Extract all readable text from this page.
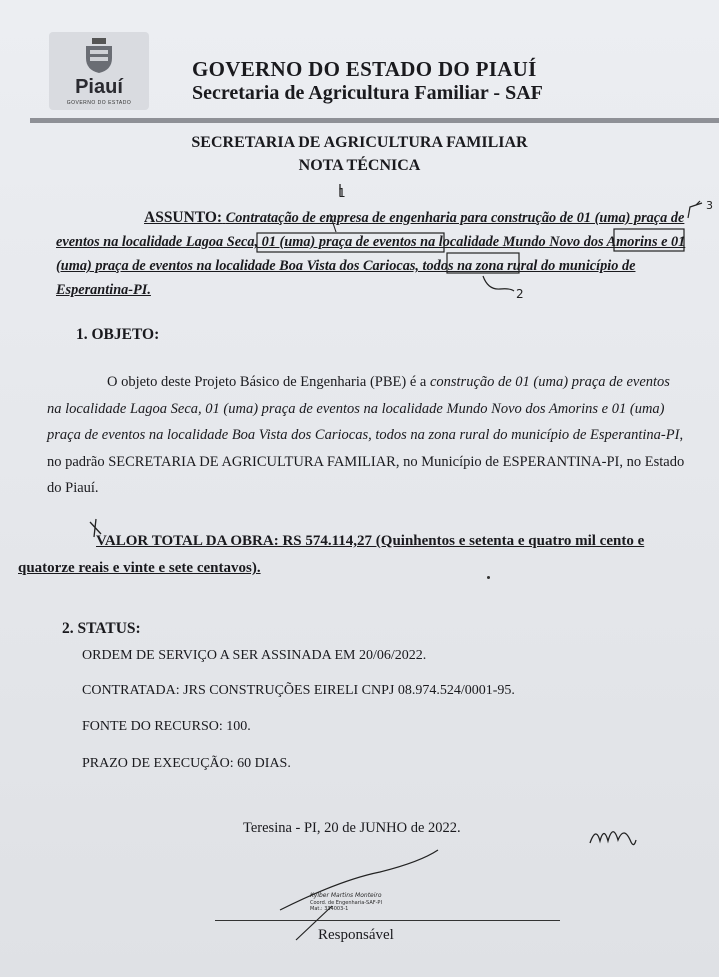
Piauí
GOVERNO DO ESTADO
GOVERNO DO ESTADO DO PIAUÍ
Secretaria de Agricultura Familiar - SAF
SECRETARIA DE AGRICULTURA FAMILIAR
NOTA TÉCNICA
ASSUNTO: Contratação de empresa de engenharia para construção de 01 (uma) praça de eventos na localidade Lagoa Seca, 01 (uma) praça de eventos na localidade Mundo Novo dos Amorins e 01 (uma) praça de eventos na localidade Boa Vista dos Cariocas, todos na zona rural do município de Esperantina-PI.
1. OBJETO:
O objeto deste Projeto Básico de Engenharia (PBE) é a construção de 01 (uma) praça de eventos na localidade Lagoa Seca, 01 (uma) praça de eventos na localidade Mundo Novo dos Amorins e 01 (uma) praça de eventos na localidade Boa Vista dos Cariocas, todos na zona rural do município de Esperantina-PI, no padrão SECRETARIA DE AGRICULTURA FAMILIAR, no Município de ESPERANTINA-PI, no Estado do Piauí.
VALOR TOTAL DA OBRA: RS 574.114,27 (Quinhentos e setenta e quatro mil cento e quatorze reais e vinte e sete centavos).
2. STATUS:
ORDEM DE SERVIÇO A SER ASSINADA EM 20/06/2022.
CONTRATADA: JRS CONSTRUÇÕES EIRELI CNPJ 08.974.524/0001-95.
FONTE DO RECURSO: 100.
PRAZO DE EXECUÇÃO: 60 DIAS.
Teresina - PI, 20 de JUNHO de 2022.
Kylber Martins Monteiro
Coord. de Engenharia-SAF-PI
Mat.: 334003-1
Responsável
1
3
2
